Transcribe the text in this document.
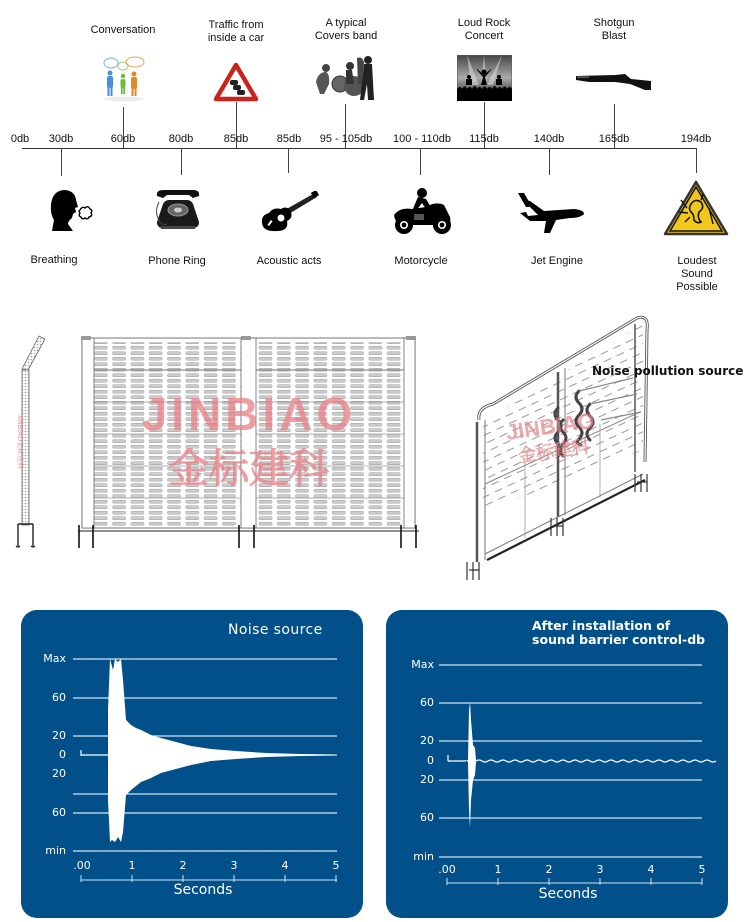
Conversation	Traffic from
inside a car
A typical
Covers band
Loud Rock
Concert
Shotgun
Blast
0db 30db	60db	80db	85db	85db 95 - 105db 100 - 110db 115db	140db	165db	194db
Breathing	Phone Ring	Acoustic acts	Motorcycle	Jet Engine	Loudest
Sound
Possible
JINBIAO金标建科	JINBIAO
金标建科
JINBIAO
金标建科
Noise pollution source
Noise source
Max
60
20
0
20
60
min
.00	1	2	3	4	5
Seconds
After installation of
sound barrier control-db
Max
60
20
0
20
60
min
.00	1	2	3	4	5
Seconds
